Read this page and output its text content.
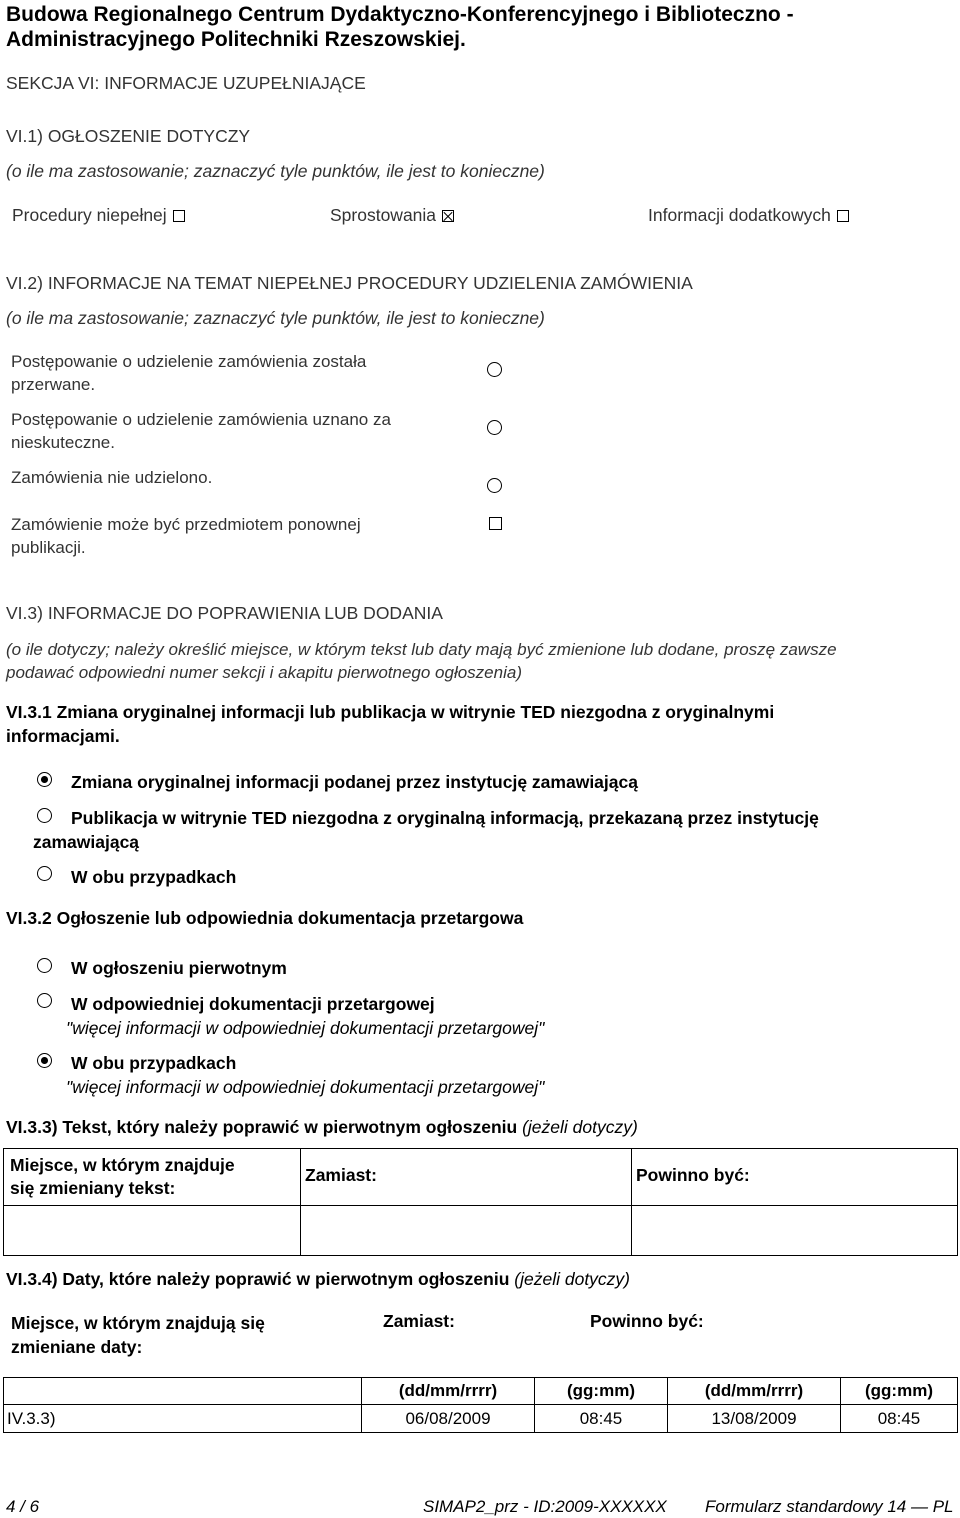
Budowa Regionalnego Centrum Dydaktyczno-Konferencyjnego i Biblioteczno -
Administracyjnego Politechniki Rzeszowskiej.
SEKCJA VI: INFORMACJE UZUPEŁNIAJĄCE
VI.1) OGŁOSZENIE DOTYCZY
(o ile ma zastosowanie; zaznaczyć tyle punktów, ile jest to konieczne)
Procedury niepełnej	Sprostowania	Informacji dodatkowych
VI.2) INFORMACJE NA TEMAT NIEPEŁNEJ PROCEDURY UDZIELENIA ZAMÓWIENIA
(o ile ma zastosowanie; zaznaczyć tyle punktów, ile jest to konieczne)
Postępowanie o udzielenie zamówienia została
przerwane.
Postępowanie o udzielenie zamówienia uznano za
nieskuteczne.
Zamówienia nie udzielono.
Zamówienie może być przedmiotem ponownej
publikacji.
VI.3) INFORMACJE DO POPRAWIENIA LUB DODANIA
(o ile dotyczy; należy określić miejsce, w którym tekst lub daty mają być zmienione lub dodane, proszę zawsze
podawać odpowiedni numer sekcji i akapitu pierwotnego ogłoszenia)
VI.3.1 Zmiana oryginalnej informacji lub publikacja w witrynie TED niezgodna z oryginalnymi
informacjami.
Zmiana oryginalnej informacji podanej przez instytucję zamawiającą
Publikacja w witrynie TED niezgodna z oryginalną informacją, przekazaną przez instytucję
zamawiającą
W obu przypadkach
VI.3.2 Ogłoszenie lub odpowiednia dokumentacja przetargowa
W ogłoszeniu pierwotnym
W odpowiedniej dokumentacji przetargowej
"więcej informacji w odpowiedniej dokumentacji przetargowej"
W obu przypadkach
"więcej informacji w odpowiedniej dokumentacji przetargowej"
VI.3.3) Tekst, który należy poprawić w pierwotnym ogłoszeniu (jeżeli dotyczy)
Miejsce, w którym znajduje
się zmieniany tekst:	Zamiast:	Powinno być:

VI.3.4) Daty, które należy poprawić w pierwotnym ogłoszeniu (jeżeli dotyczy)
Miejsce, w którym znajdują się
zmieniane daty:
Zamiast:	Powinno być:
	(dd/mm/rrrr)	(gg:mm)	(dd/mm/rrrr)	(gg:mm)
IV.3.3)	06/08/2009	08:45	13/08/2009	08:45
4 / 6	SIMAP2_prz - ID:2009-XXXXXX Formularz standardowy 14 — PL
